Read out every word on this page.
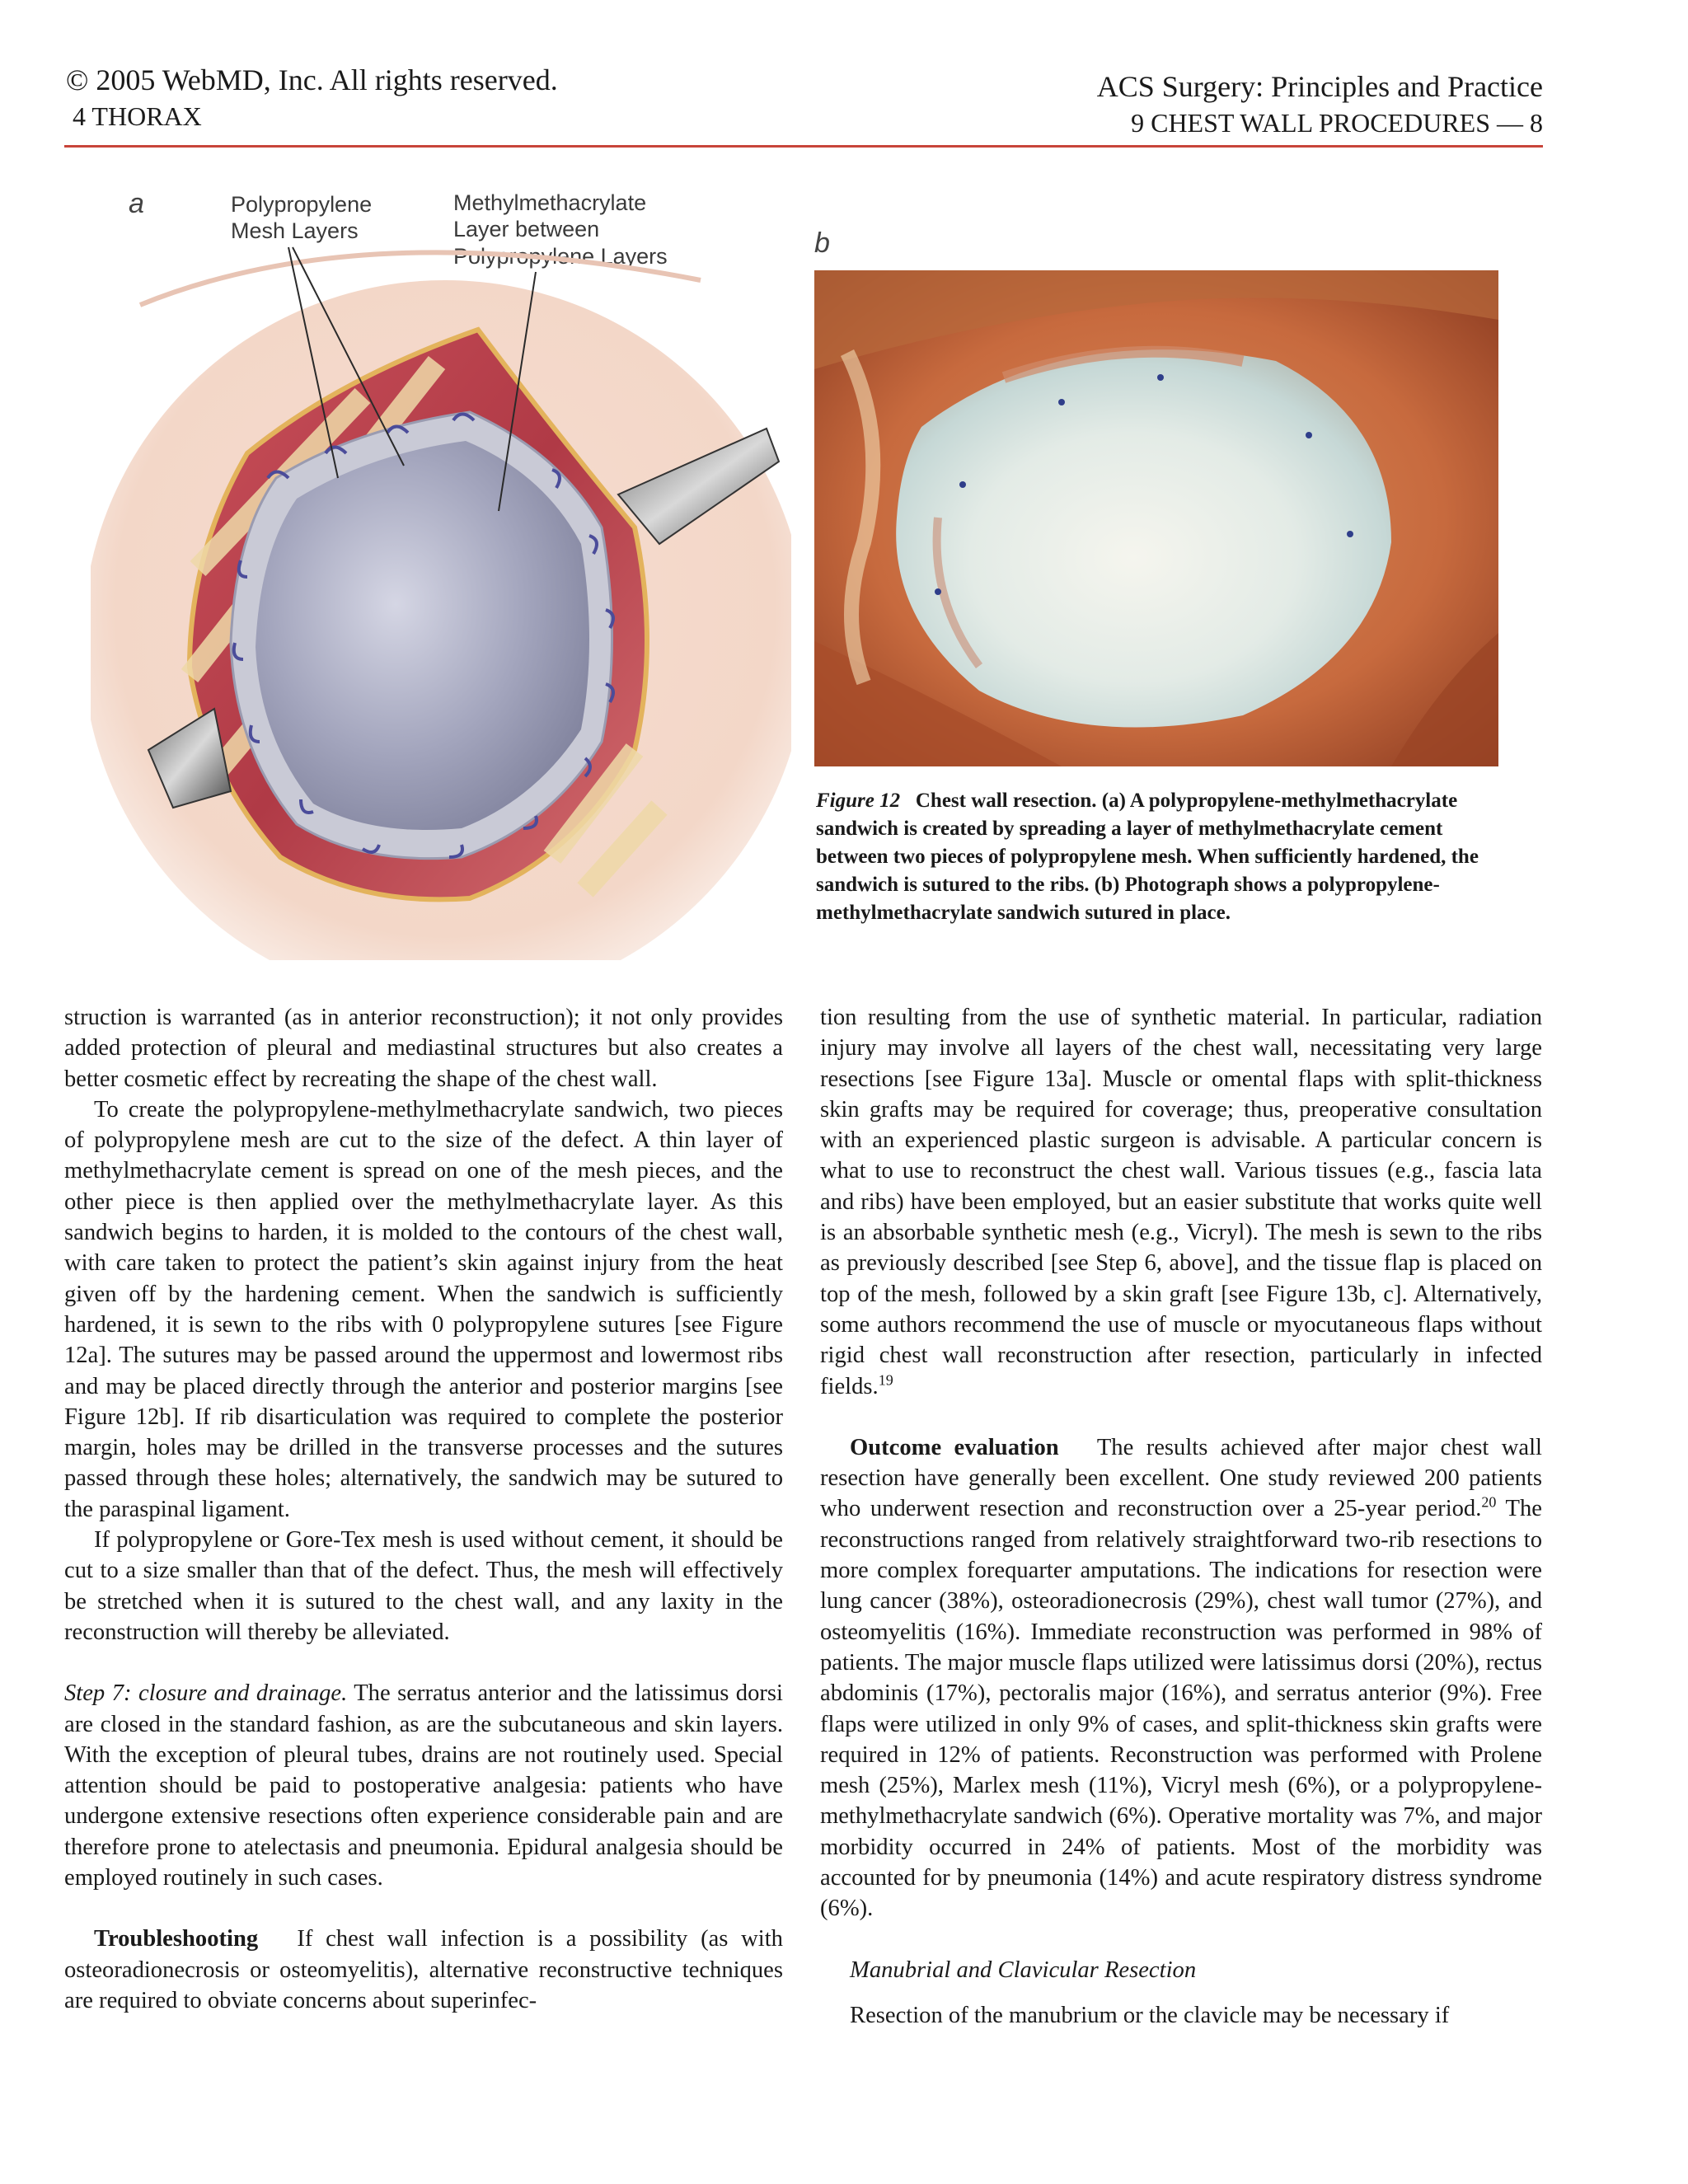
© 2005 WebMD, Inc. All rights reserved.
4 THORAX
ACS Surgery: Principles and Practice
9 CHEST WALL PROCEDURES — 8
a	Polypropylene
Mesh Layers
Methylmethacrylate
Layer between
Polypropylene Layers	b
Figure 12 Chest wall resection. (a) A polypropylene-methylmethacrylate sandwich is created by spreading a layer of methylmethacrylate cement between two pieces of polypropylene mesh. When sufficiently hardened, the sandwich is sutured to the ribs. (b) Photograph shows a polypropylene-methylmethacrylate sandwich sutured in place.

struction is warranted (as in anterior reconstruction); it not only provides added protection of pleural and mediastinal structures but also creates a better cosmetic effect by recreating the shape of the chest wall.

To create the polypropylene-methylmethacrylate sandwich, two pieces of polypropylene mesh are cut to the size of the defect. A thin layer of methylmethacrylate cement is spread on one of the mesh pieces, and the other piece is then applied over the methylmethacrylate layer. As this sandwich begins to harden, it is molded to the contours of the chest wall, with care taken to protect the patient’s skin against injury from the heat given off by the hardening cement. When the sandwich is sufficiently hardened, it is sewn to the ribs with 0 polypropylene sutures [see Figure 12a]. The sutures may be passed around the uppermost and lowermost ribs and may be placed directly through the anterior and posterior margins [see Figure 12b]. If rib disarticulation was required to complete the posterior margin, holes may be drilled in the transverse processes and the sutures passed through these holes; alternatively, the sandwich may be sutured to the paraspinal ligament.

If polypropylene or Gore-Tex mesh is used without cement, it should be cut to a size smaller than that of the defect. Thus, the mesh will effectively be stretched when it is sutured to the chest wall, and any laxity in the reconstruction will thereby be alleviated.

Step 7: closure and drainage. The serratus anterior and the latissimus dorsi are closed in the standard fashion, as are the subcutaneous and skin layers. With the exception of pleural tubes, drains are not routinely used. Special attention should be paid to postoperative analgesia: patients who have undergone extensive resections often experience considerable pain and are therefore prone to atelectasis and pneumonia. Epidural analgesia should be employed routinely in such cases.

Troubleshooting If chest wall infection is a possibility (as with osteoradionecrosis or osteomyelitis), alternative reconstructive techniques are required to obviate concerns about superinfec-

tion resulting from the use of synthetic material. In particular, radiation injury may involve all layers of the chest wall, necessitating very large resections [see Figure 13a]. Muscle or omental flaps with split-thickness skin grafts may be required for coverage; thus, preoperative consultation with an experienced plastic surgeon is advisable. A particular concern is what to use to reconstruct the chest wall. Various tissues (e.g., fascia lata and ribs) have been employed, but an easier substitute that works quite well is an absorbable synthetic mesh (e.g., Vicryl). The mesh is sewn to the ribs as previously described [see Step 6, above], and the tissue flap is placed on top of the mesh, followed by a skin graft [see Figure 13b, c]. Alternatively, some authors recommend the use of muscle or myocutaneous flaps without rigid chest wall reconstruction after resection, particularly in infected fields.$^{19}$

Outcome evaluation The results achieved after major chest wall resection have generally been excellent. One study reviewed 200 patients who underwent resection and reconstruction over a 25-year period.$^{20}$ The reconstructions ranged from relatively straightforward two-rib resections to more complex forequarter amputations. The indications for resection were lung cancer (38%), osteoradionecrosis (29%), chest wall tumor (27%), and osteomyelitis (16%). Immediate reconstruction was performed in 98% of patients. The major muscle flaps utilized were latissimus dorsi (20%), rectus abdominis (17%), pectoralis major (16%), and serratus anterior (9%). Free flaps were utilized in only 9% of cases, and split-thickness skin grafts were required in 12% of patients. Reconstruction was performed with Prolene mesh (25%), Marlex mesh (11%), Vicryl mesh (6%), or a polypropylene-methylmethacrylate sandwich (6%). Operative mortality was 7%, and major morbidity occurred in 24% of patients. Most of the morbidity was accounted for by pneumonia (14%) and acute respiratory distress syndrome (6%).

Manubrial and Clavicular Resection

Resection of the manubrium or the clavicle may be necessary if
